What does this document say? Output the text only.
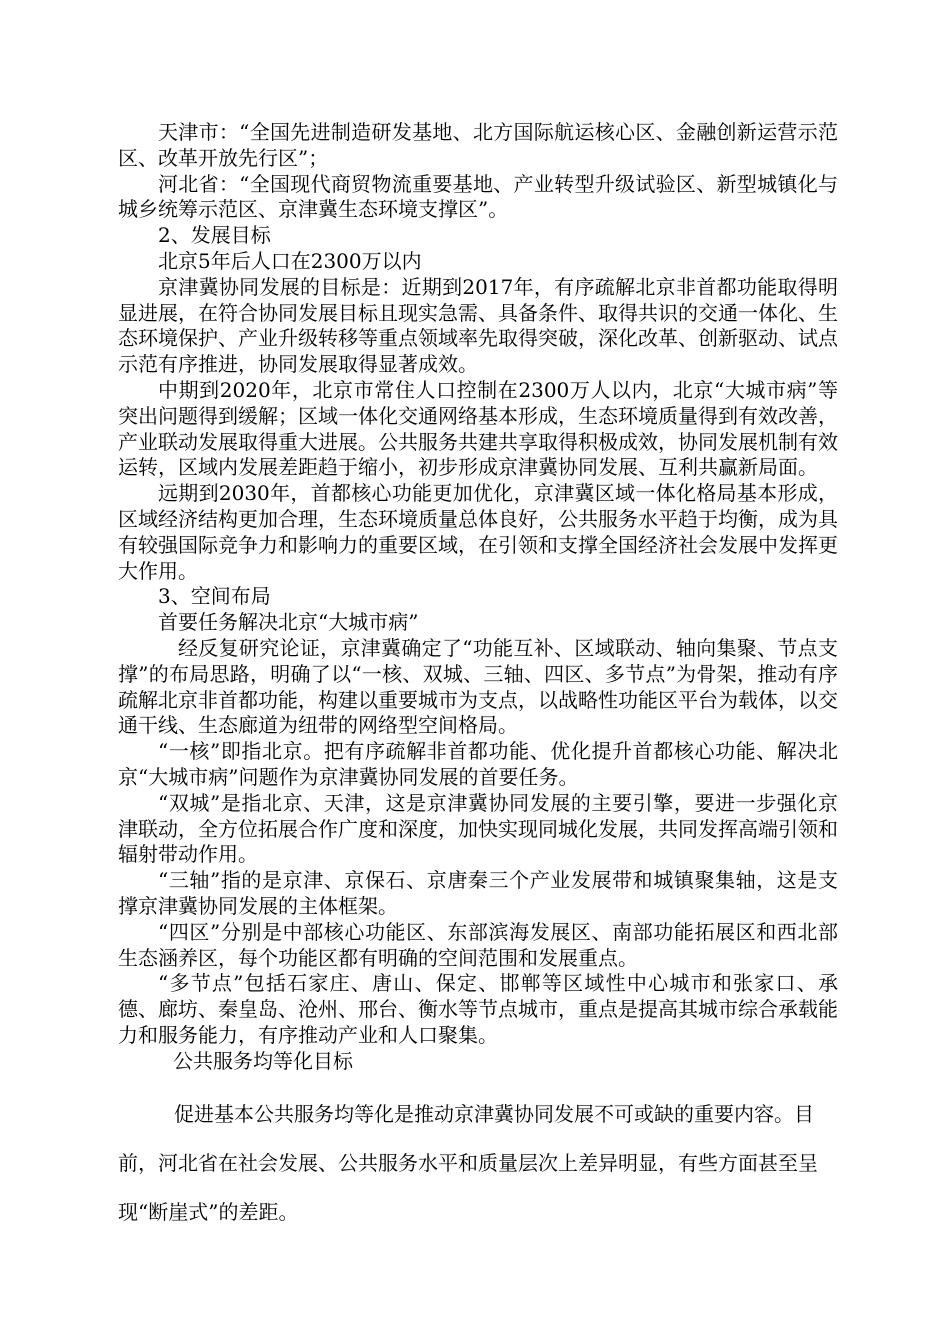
天津市：“全国先进制造研发基地、北方国际航运核心区、金融创新运营示范区、改革开放先行区”；

河北省：“全国现代商贸物流重要基地、产业转型升级试验区、新型城镇化与城乡统筹示范区、京津冀生态环境支撑区”。

2、发展目标

北京5年后人口在2300万以内

京津冀协同发展的目标是：近期到2017年，有序疏解北京非首都功能取得明显进展，在符合协同发展目标且现实急需、具备条件、取得共识的交通一体化、生态环境保护、产业升级转移等重点领域率先取得突破，深化改革、创新驱动、试点示范有序推进，协同发展取得显著成效。

中期到2020年，北京市常住人口控制在2300万人以内，北京“大城市病”等突出问题得到缓解；区域一体化交通网络基本形成，生态环境质量得到有效改善，产业联动发展取得重大进展。公共服务共建共享取得积极成效，协同发展机制有效运转，区域内发展差距趋于缩小，初步形成京津冀协同发展、互利共赢新局面。

远期到2030年，首都核心功能更加优化，京津冀区域一体化格局基本形成，区域经济结构更加合理，生态环境质量总体良好，公共服务水平趋于均衡，成为具有较强国际竞争力和影响力的重要区域，在引领和支撑全国经济社会发展中发挥更大作用。

3、空间布局

首要任务解决北京“大城市病”

经反复研究论证，京津冀确定了“功能互补、区域联动、轴向集聚、节点支撑”的布局思路，明确了以“一核、双城、三轴、四区、多节点”为骨架，推动有序疏解北京非首都功能，构建以重要城市为支点，以战略性功能区平台为载体，以交通干线、生态廊道为纽带的网络型空间格局。

“一核”即指北京。把有序疏解非首都功能、优化提升首都核心功能、解决北京“大城市病”问题作为京津冀协同发展的首要任务。

“双城”是指北京、天津，这是京津冀协同发展的主要引擎，要进一步强化京津联动，全方位拓展合作广度和深度，加快实现同城化发展，共同发挥高端引领和辐射带动作用。

“三轴”指的是京津、京保石、京唐秦三个产业发展带和城镇聚集轴，这是支撑京津冀协同发展的主体框架。

“四区”分别是中部核心功能区、东部滨海发展区、南部功能拓展区和西北部生态涵养区，每个功能区都有明确的空间范围和发展重点。

“多节点”包括石家庄、唐山、保定、邯郸等区域性中心城市和张家口、承德、廊坊、秦皇岛、沧州、邢台、衡水等节点城市，重点是提高其城市综合承载能力和服务能力，有序推动产业和人口聚集。

公共服务均等化目标

促进基本公共服务均等化是推动京津冀协同发展不可或缺的重要内容。目前，河北省在社会发展、公共服务水平和质量层次上差异明显，有些方面甚至呈现“断崖式”的差距。
